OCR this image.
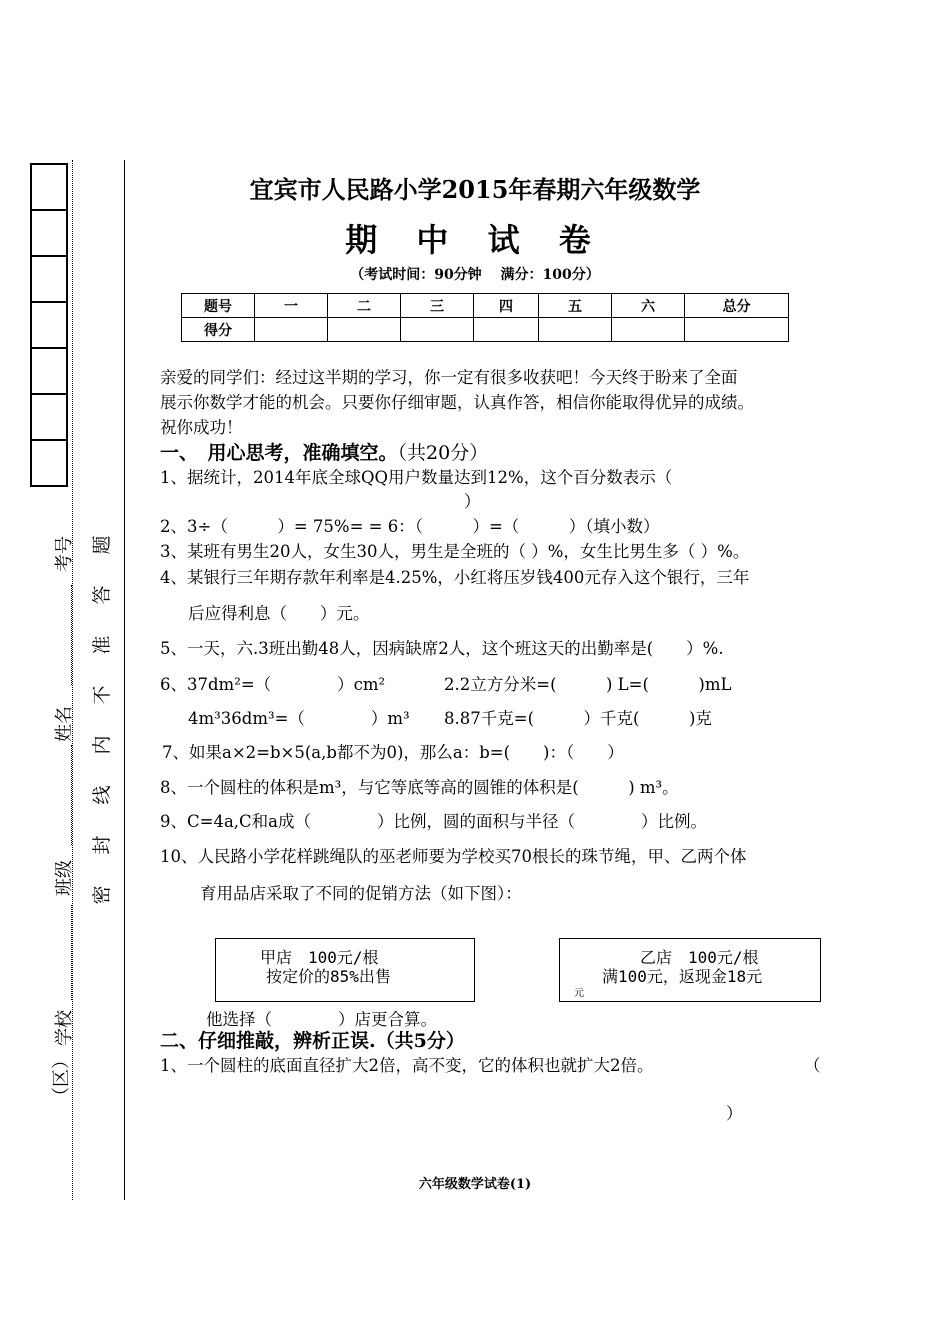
考号
姓名
班级
学校
（区）
题
答
准
不
内
线
封
密
宜宾市人民路小学2015年春期六年级数学
期 中 试 卷
（考试时间：90分钟　 满分：100分）
题号	一	二	三	四	五	六	总分
得分							
亲爱的同学们：经过这半期的学习，你一定有很多收获吧！今天终于盼来了全面
展示你数学才能的机会。只要你仔细审题，认真作答，相信你能取得优异的成绩。
祝你成功！
一、　用心思考，准确填空。（共20分）
1、据统计，2014年底全球QQ用户数量达到12%，这个百分数表示（
）
2、3÷（　　　）= 75%= = 6：（　　　）=（　　　）（填小数）
3、某班有男生20人，女生30人，男生是全班的（ ）%，女生比男生多（ ）%。
4、某银行三年期存款年利率是4.25%，小红将压岁钱400元存入这个银行，三年
后应得利息（　　）元。
5、一天，六.3班出勤48人，因病缺席2人，这个班这天的出勤率是(　　）%.
6、37dm²=（　　　　）cm²	2.2立方分米=(　　　) L=(　　　)mL
4m³36dm³=（　　　　）m³ 8.87千克=(　　　）千克(　　　)克
7、如果a×2=b×5(a,b都不为0)，那么a：b=(　　)：（　　）
8、一个圆柱的体积是m³，与它等底等高的圆锥的体积是(　　　) m³。
9、C=4a,C和a成（　　　　）比例，圆的面积与半径（　　　　）比例。
10、人民路小学花样跳绳队的巫老师要为学校买70根长的珠节绳，甲、乙两个体
育用品店采取了不同的促销方法（如下图）：
甲店　100元/根
按定价的85%出售
乙店　100元/根
满100元，返现金18元
元
他选择（　　　　）店更合算。
二、仔细推敲，辨析正误.（共5分）
1、一个圆柱的底面直径扩大2倍，高不变，它的体积也就扩大2倍。	（
）
六年级数学试卷(1)
